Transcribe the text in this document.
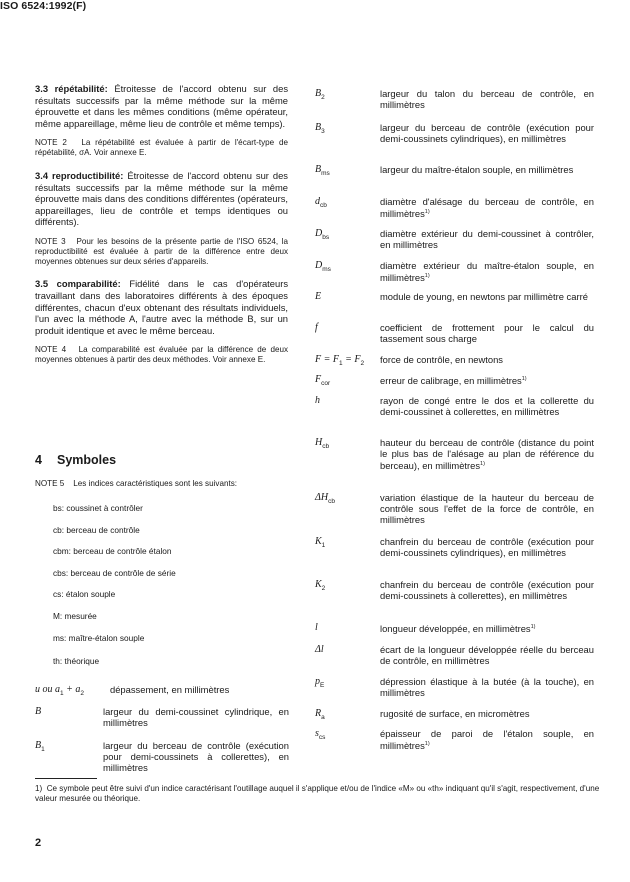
ISO 6524:1992(F)

3.3 répétabilité: Étroitesse de l'accord obtenu sur des résultats successifs par la même méthode sur la même éprouvette et dans les mêmes conditions (même opérateur, même appareillage, même lieu de contrôle et même temps).

NOTE 2 La répétabilité est évaluée à partir de l'écart-type de répétabilité, σA. Voir annexe E.

3.4 reproductibilité: Étroitesse de l'accord obtenu sur des résultats successifs par la même méthode sur la même éprouvette mais dans des conditions différentes (opérateurs, appareillages, lieu de contrôle et temps identiques ou différents).

NOTE 3 Pour les besoins de la présente partie de l'ISO 6524, la reproductibilité est évaluée à partir de la différence entre deux moyennes obtenues sur deux séries d'appareils.

3.5 comparabilité: Fidélité dans le cas d'opérateurs travaillant dans des laboratoires différents à des époques différentes, chacun d'eux obtenant des résultats individuels, l'un avec la méthode A, l'autre avec la méthode B, sur un produit identique et avec le même berceau.

NOTE 4 La comparabilité est évaluée par la différence de deux moyennes obtenues à partir des deux méthodes. Voir annexe E.

4 Symboles
NOTE 5 Les indices caractéristiques sont les suivants:
bs: coussinet à contrôler
cb: berceau de contrôle
cbm: berceau de contrôle étalon
cbs: berceau de contrôle de série
cs: étalon souple
M: mesurée
ms: maître-étalon souple
th: théorique
u ou $a_1 + a_2$	dépassement, en millimètres
B	largeur du demi-coussinet cylindrique, en millimètres
$B_1$	largeur du berceau de contrôle (exécution pour demi-coussinets à collerettes), en millimètres
$B_2$	largeur du talon du berceau de contrôle, en millimètres
$B_3$	largeur du berceau de contrôle (exécution pour demi-coussinets cylindriques), en millimètres
$B_{ms}$	largeur du maître-étalon souple, en millimètres
$d_{cb}$	diamètre d'alésage du berceau de contrôle, en millimètres$^{1)}$
$D_{bs}$	diamètre extérieur du demi-coussinet à contrôler, en millimètres
$D_{ms}$	diamètre extérieur du maître-étalon souple, en millimètres$^{1)}$
E	module de young, en newtons par millimètre carré
f	coefficient de frottement pour le calcul du tassement sous charge
$F = F_1 = F_2$ force de contrôle, en newtons
$F_{cor}$	erreur de calibrage, en millimètres$^{1)}$
h	rayon de congé entre le dos et la collerette du demi-coussinet à collerettes, en millimètres
$H_{cb}$	hauteur du berceau de contrôle (distance du point le plus bas de l'alésage au plan de référence du berceau), en millimètres$^{1)}$
$\Delta H_{cb}$	variation élastique de la hauteur du berceau de contrôle sous l'effet de la force de contrôle, en millimètres
$K_1$	chanfrein du berceau de contrôle (exécution pour demi-coussinets cylindriques), en millimètres
$K_2$	chanfrein du berceau de contrôle (exécution pour demi-coussinets à collerettes), en millimètres
l	longueur développée, en millimètres$^{1)}$
Δl	écart de la longueur développée réelle du berceau de contrôle, en millimètres
$p_E$	dépression élastique à la butée (à la touche), en millimètres
$R_a$	rugosité de surface, en micromètres
$s_{cs}$	épaisseur de paroi de l'étalon souple, en millimètres$^{1)}$
1) Ce symbole peut être suivi d'un indice caractérisant l'outillage auquel il s'applique et/ou de l'indice «M» ou «th» indiquant qu'il s'agit, respectivement, d'une valeur mesurée ou théorique.
2
